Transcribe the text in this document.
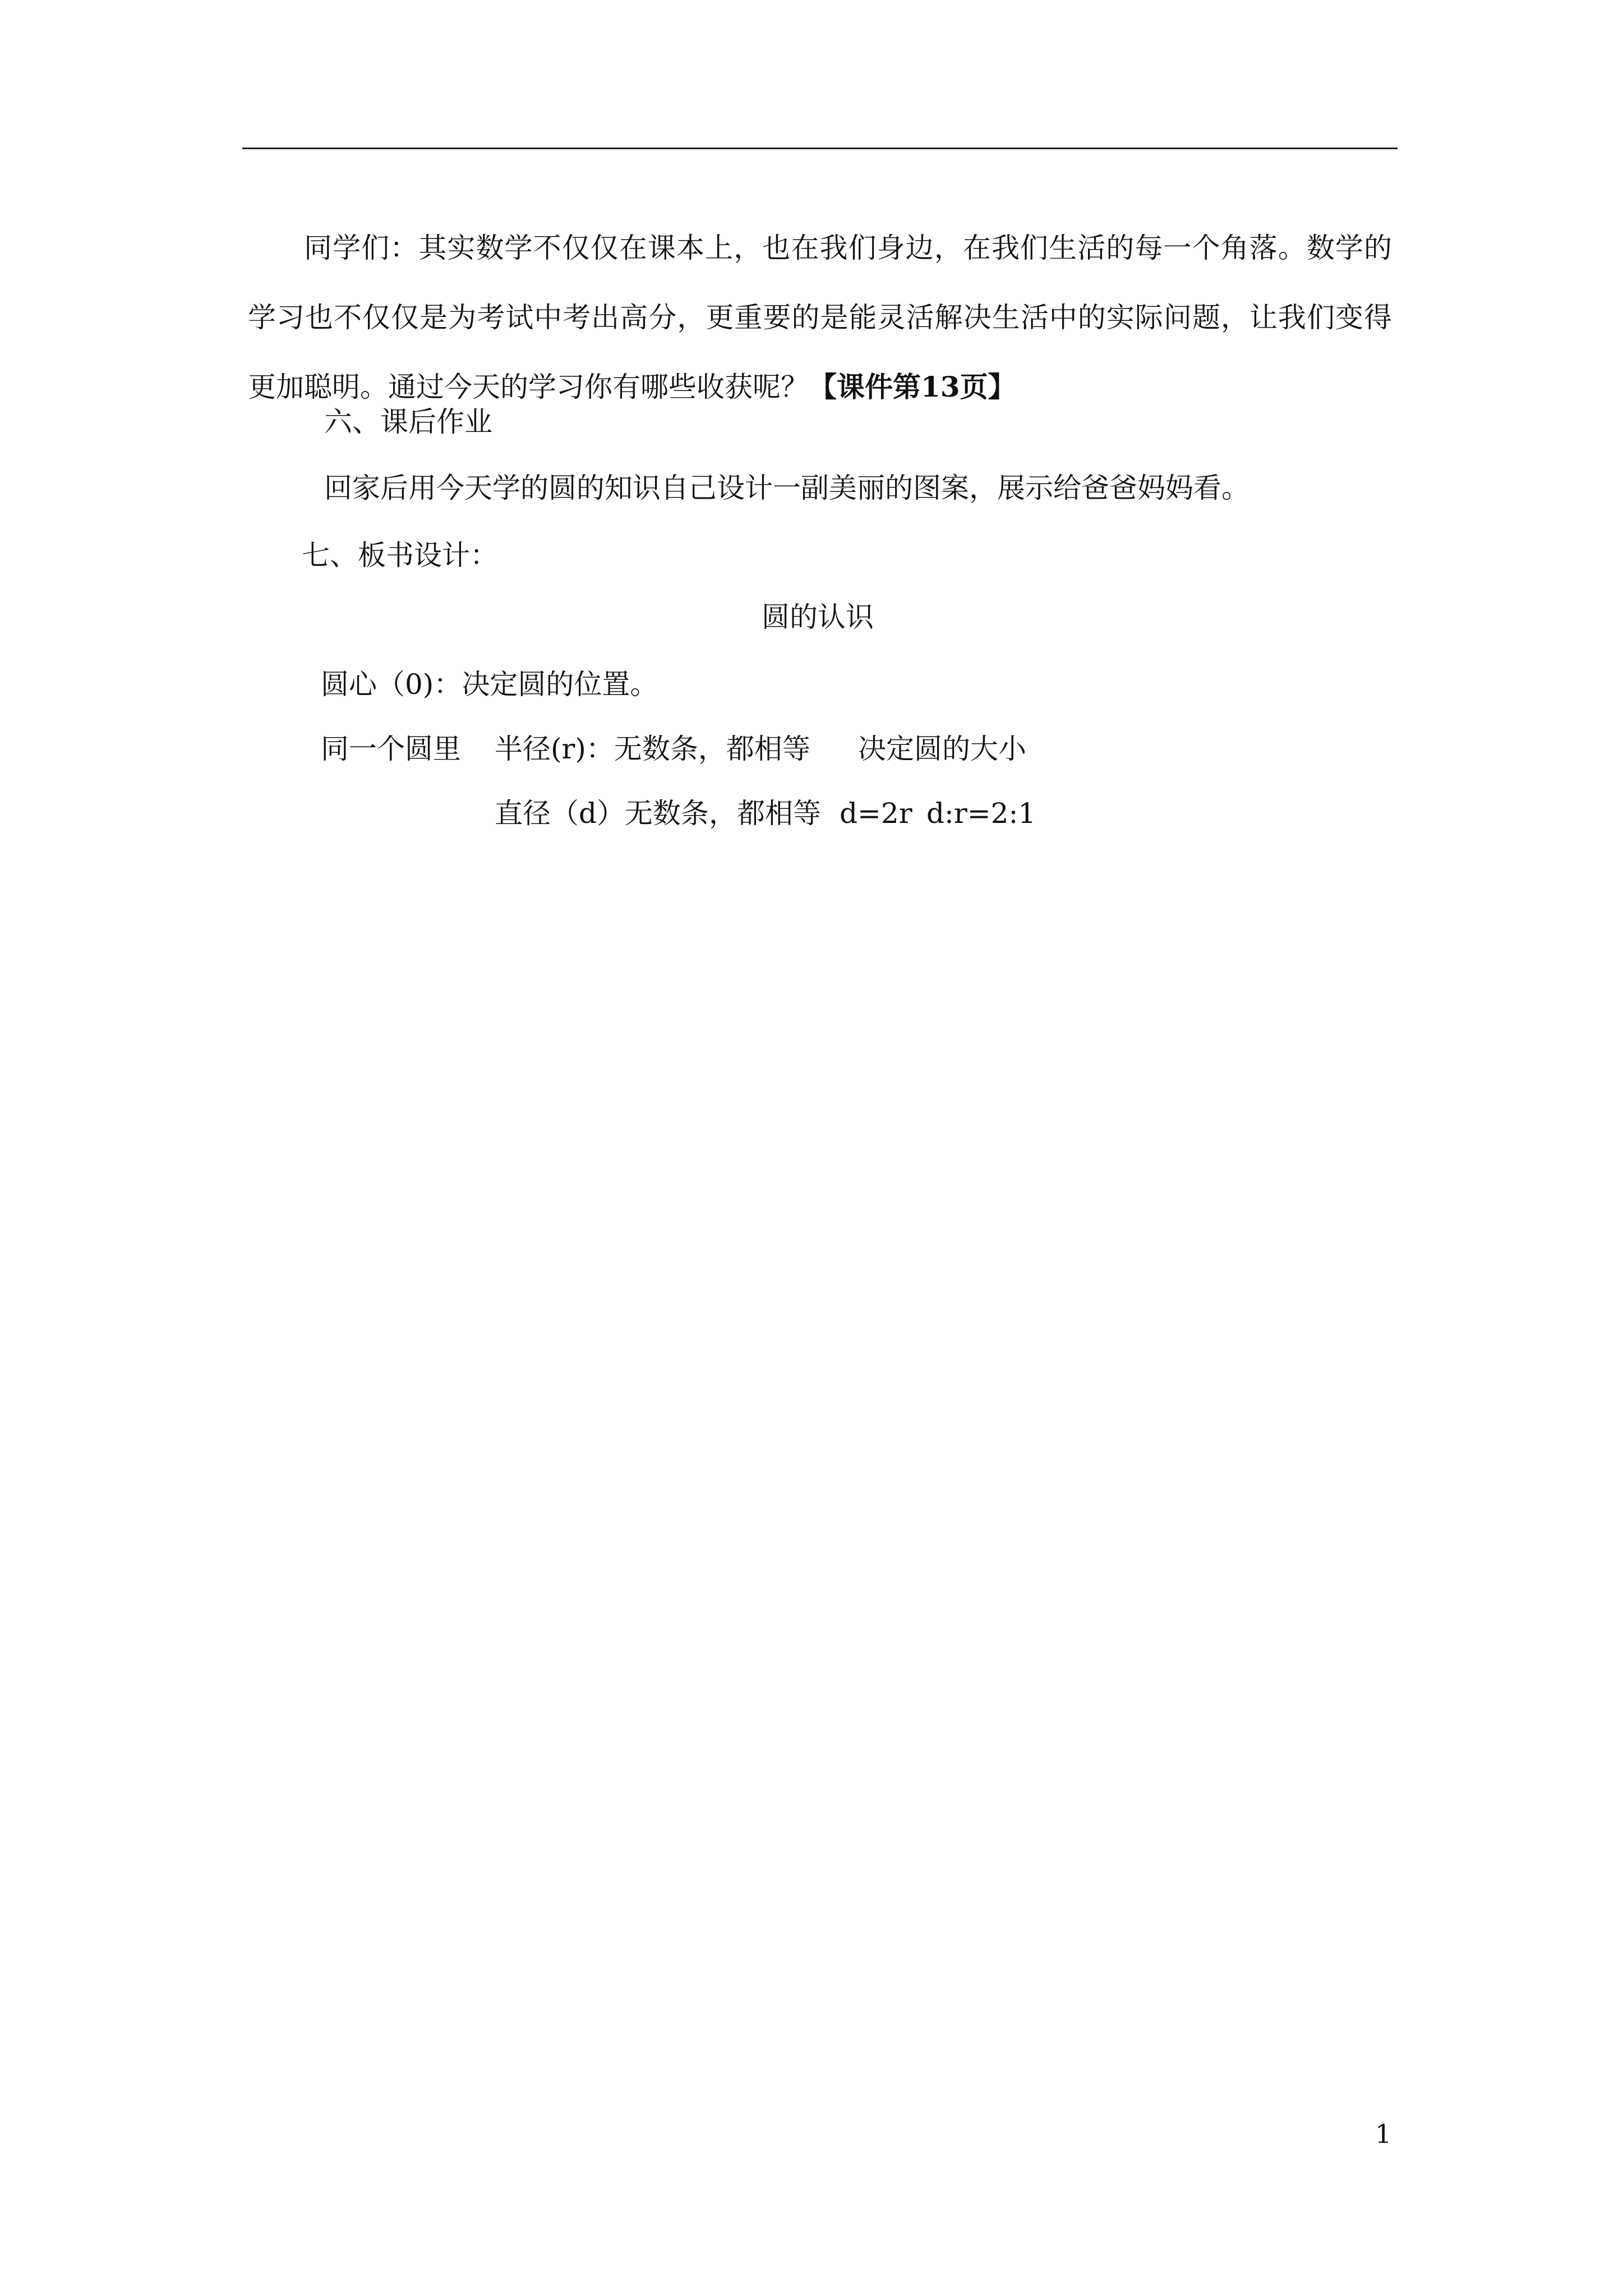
同学们：其实数学不仅仅在课本上，也在我们身边，在我们生活的每一个角落。数学的学习也不仅仅是为考试中考出高分，更重要的是能灵活解决生活中的实际问题，让我们变得更加聪明。通过今天的学习你有哪些收获呢？【课件第13页】
六、课后作业
回家后用今天学的圆的知识自己设计一副美丽的图案，展示给爸爸妈妈看。
七、板书设计：
圆的认识
圆心（0)：决定圆的位置。
同一个圆里 半径(r)：无数条，都相等 决定圆的大小
直径（d）无数条，都相等 d=2r d:r=2:1
1
